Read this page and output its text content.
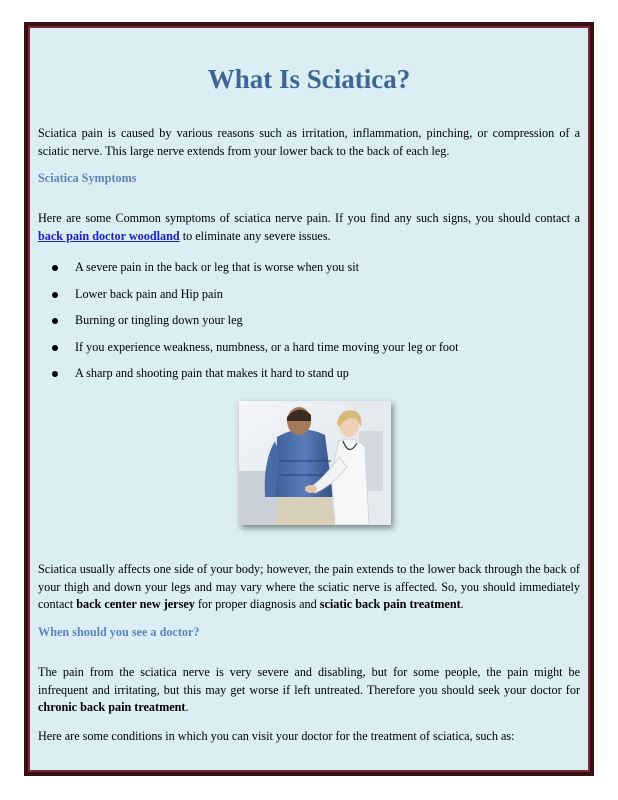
What Is Sciatica?

Sciatica pain is caused by various reasons such as irritation, inflammation, pinching, or compression of a sciatic nerve. This large nerve extends from your lower back to the back of each leg.

Sciatica Symptoms

Here are some Common symptoms of sciatica nerve pain. If you find any such signs, you should contact a back pain doctor woodland to eliminate any severe issues.

A severe pain in the back or leg that is worse when you sit
Lower back pain and Hip pain
Burning or tingling down your leg
If you experience weakness, numbness, or a hard time moving your leg or foot
A sharp and shooting pain that makes it hard to stand up

Sciatica usually affects one side of your body; however, the pain extends to the lower back through the back of your thigh and down your legs and may vary where the sciatic nerve is affected. So, you should immediately contact back center new jersey for proper diagnosis and sciatic back pain treatment.

When should you see a doctor?

The pain from the sciatica nerve is very severe and disabling, but for some people, the pain might be infrequent and irritating, but this may get worse if left untreated. Therefore you should seek your doctor for chronic back pain treatment.

Here are some conditions in which you can visit your doctor for the treatment of sciatica, such as:
